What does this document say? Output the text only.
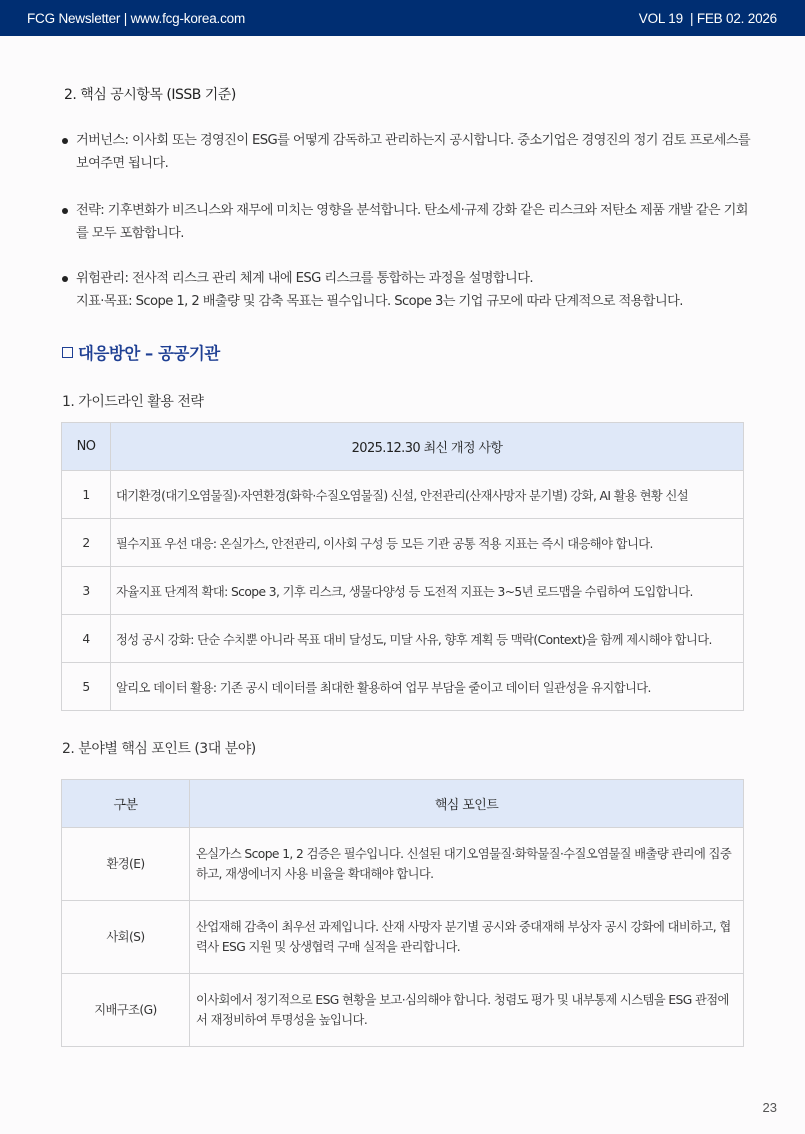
FCG Newsletter | www.fcg-korea.com	VOL 19  | FEB 02. 2026
2. 핵심 공시항목 (ISSB 기준)
거버넌스: 이사회 또는 경영진이 ESG를 어떻게 감독하고 관리하는지 공시합니다. 중소기업은 경영진의 정기 검토 프로세스를 보여주면 됩니다.
전략: 기후변화가 비즈니스와 재무에 미치는 영향을 분석합니다. 탄소세·규제 강화 같은 리스크와 저탄소 제품 개발 같은 기회를 모두 포함합니다.
위험관리: 전사적 리스크 관리 체계 내에 ESG 리스크를 통합하는 과정을 설명합니다.
지표·목표: Scope 1, 2 배출량 및 감축 목표는 필수입니다. Scope 3는 기업 규모에 따라 단계적으로 적용합니다.
대응방안 – 공공기관
1. 가이드라인 활용 전략
NO	2025.12.30 최신 개정 사항
1	대기환경(대기오염물질)·자연환경(화학·수질오염물질) 신설, 안전관리(산재사망자 분기별) 강화, AI 활용 현황 신설
2	필수지표 우선 대응: 온실가스, 안전관리, 이사회 구성 등 모든 기관 공통 적용 지표는 즉시 대응해야 합니다.
3	자율지표 단계적 확대: Scope 3, 기후 리스크, 생물다양성 등 도전적 지표는 3~5년 로드맵을 수립하여 도입합니다.
4	정성 공시 강화: 단순 수치뿐 아니라 목표 대비 달성도, 미달 사유, 향후 계획 등 맥락(Context)을 함께 제시해야 합니다.
5	알리오 데이터 활용: 기존 공시 데이터를 최대한 활용하여 업무 부담을 줄이고 데이터 일관성을 유지합니다.
2. 분야별 핵심 포인트 (3대 분야)
구분	핵심 포인트
환경(E)	온실가스 Scope 1, 2 검증은 필수입니다. 신설된 대기오염물질·화학물질·수질오염물질 배출량 관리에 집중하고, 재생에너지 사용 비율을 확대해야 합니다.
사회(S)	산업재해 감축이 최우선 과제입니다. 산재 사망자 분기별 공시와 중대재해 부상자 공시 강화에 대비하고, 협력사 ESG 지원 및 상생협력 구매 실적을 관리합니다.
지배구조(G)	이사회에서 정기적으로 ESG 현황을 보고·심의해야 합니다. 청렴도 평가 및 내부통제 시스템을 ESG 관점에서 재정비하여 투명성을 높입니다.
23
